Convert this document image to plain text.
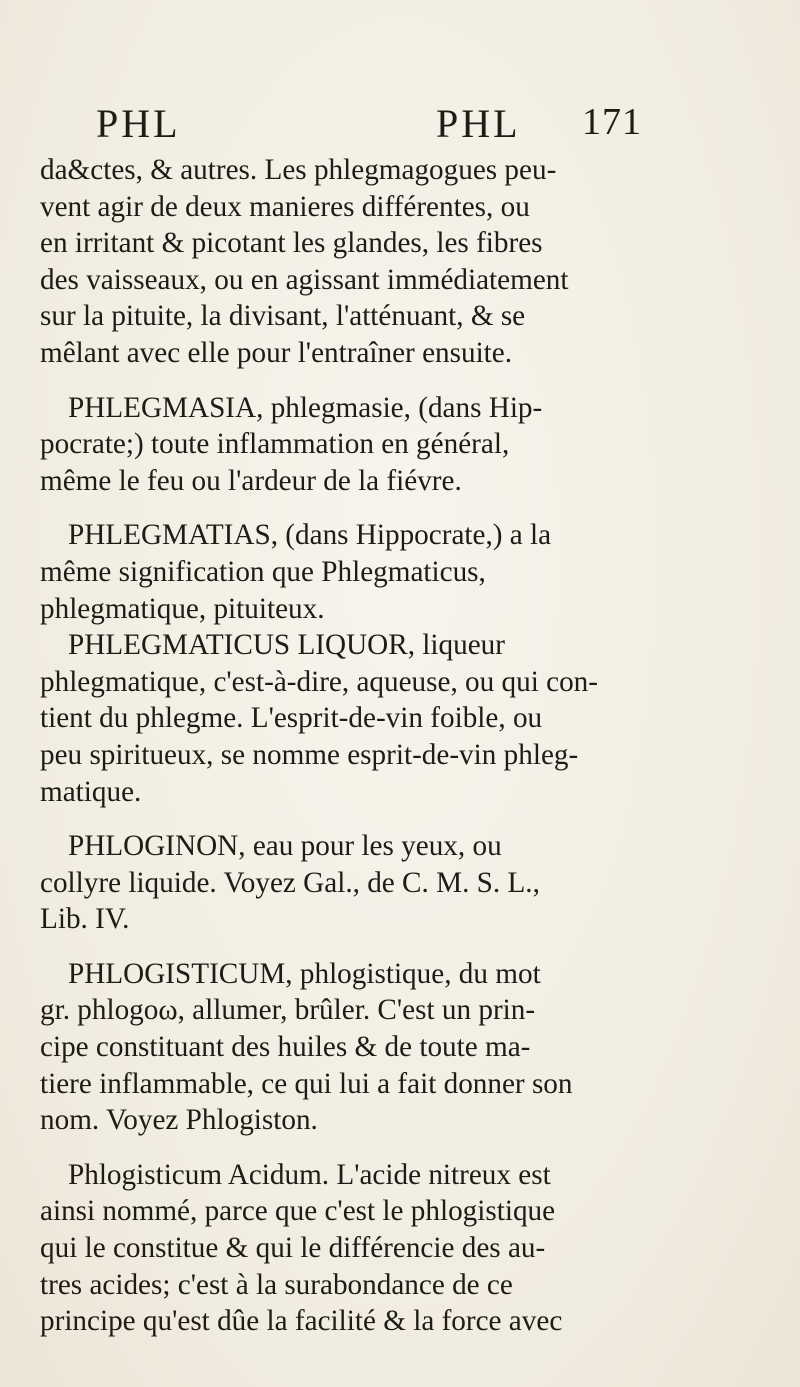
PHL	PHL 171
da&ctes, & autres. Les phlegmagogues peu-
vent agir de deux manieres différentes, ou
en irritant & picotant les glandes, les fibres
des vaisseaux, ou en agissant immédiatement
sur la pituite, la divisant, l'atténuant, & se
mêlant avec elle pour l'entraîner ensuite.
PHLEGMASIA, phlegmasie, (dans Hip-
pocrate;) toute inflammation en général,
même le feu ou l'ardeur de la fiévre.
PHLEGMATIAS, (dans Hippocrate,) a la
même signification que Phlegmaticus,
phlegmatique, pituiteux.
PHLEGMATICUS LIQUOR, liqueur
phlegmatique, c'est-à-dire, aqueuse, ou qui con-
tient du phlegme. L'esprit-de-vin foible, ou
peu spiritueux, se nomme esprit-de-vin phleg-
matique.
PHLOGINON, eau pour les yeux, ou
collyre liquide. Voyez Gal., de C. M. S. L.,
Lib. IV.
PHLOGISTICUM, phlogistique, du mot
gr. phlogoω, allumer, brûler. C'est un prin-
cipe constituant des huiles & de toute ma-
tiere inflammable, ce qui lui a fait donner son
nom. Voyez Phlogiston.
Phlogisticum Acidum. L'acide nitreux est
ainsi nommé, parce que c'est le phlogistique
qui le constitue & qui le différencie des au-
tres acides; c'est à la surabondance de ce
principe qu'est dûe la facilité & la force avec
